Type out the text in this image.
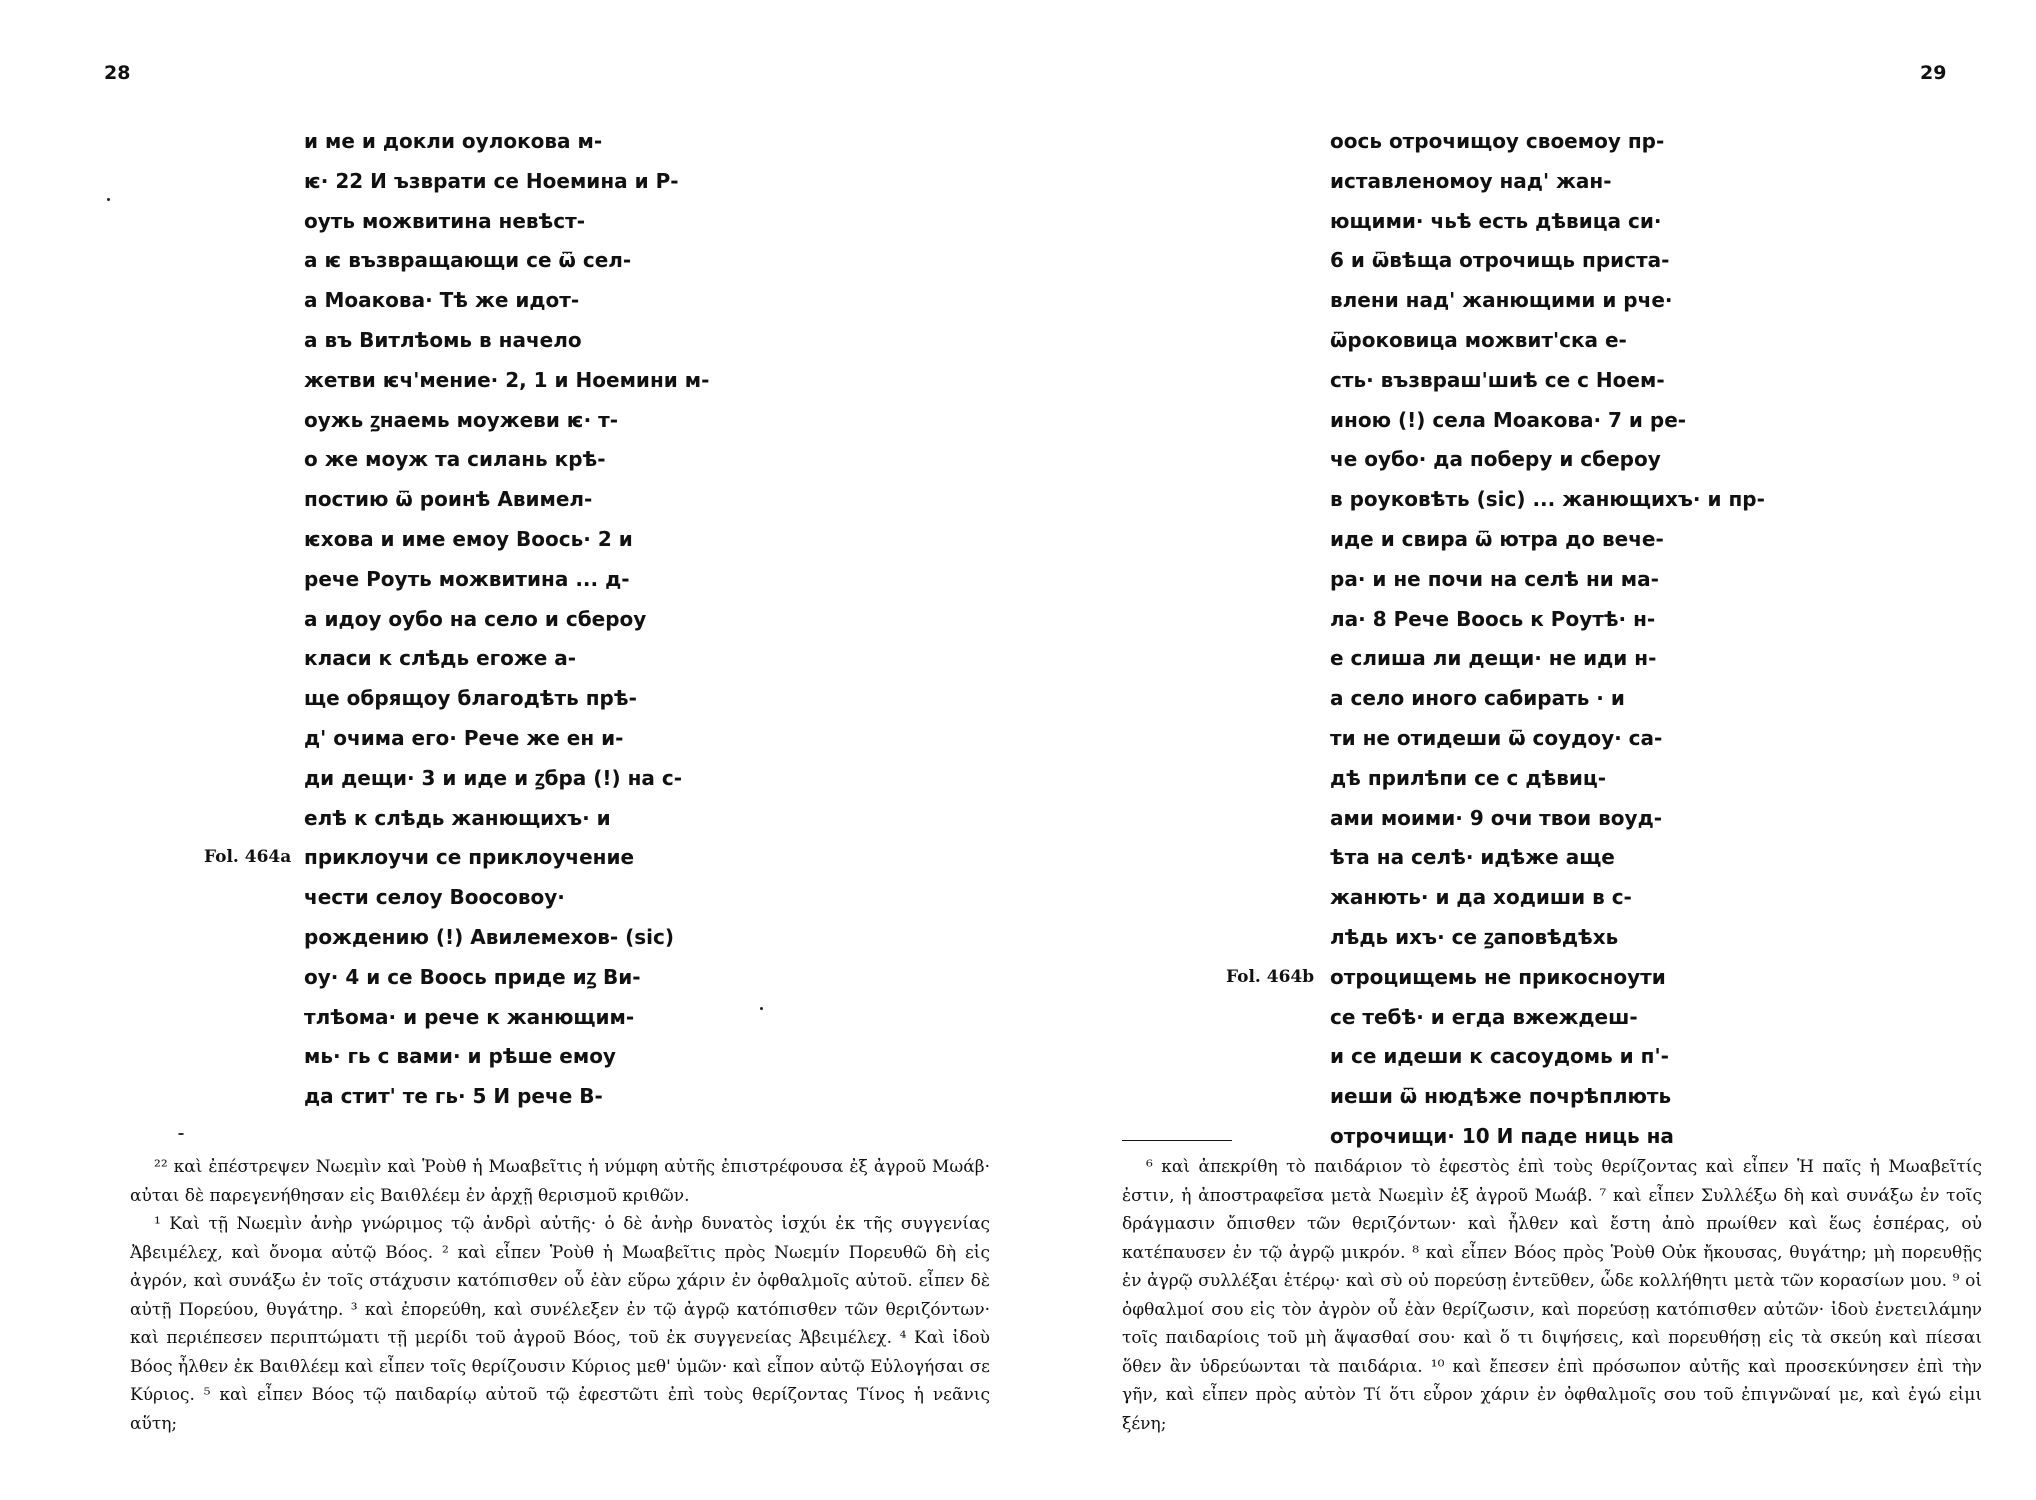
28
и ме и докли оулокова м-
ѥ· 22 И ъзврати се Ноемина и Р-
оуть можвитина невѣст-
а ѥ възвращающи се ѿ сел-
а Моакова· Тѣ же идот-
а въ Витлѣомь в начело
жетви ѥч'мение· 2, 1 и Ноемини м-
оужь ꙁнаемь моужеви ѥ· т-
о же моуж та силань крѣ-
постию ѿ роинѣ Авимел-
ѥхова и име емоу Воось· 2 и
рече Роуть можвитина ... д-
а идоу оубо на село и сбероу
класи к слѣдь егоже а-
ще обрящоу благодѣть прѣ-
д' очима его· Рече же ен и-
ди дещи· 3 и иде и ꙁбра (!) на с-
елѣ к слѣдь жанющихъ· и
Fol. 464a приклоучи се приклоучение
чести селоу Воосовоу·
рождению (!) Авилемехов- (sic)
оу· 4 и се Воось приде иꙁ Ви-
тлѣома· и рече к жанющим-
мь· гь с вами· и рѣше емоу
да стит' те гь· 5 И рече В-

²² καὶ ἐπέστρεψεν Νωεμὶν καὶ Ῥοὺθ ἡ Μωαβεῖτις ἡ νύμφη αὐτῆς ἐπιστρέφουσα ἐξ ἀγροῦ Μωάβ· αὐται δὲ παρεγενήθησαν εἰς Βαιθλέεμ ἐν ἀρχῇ θερισμοῦ κριθῶν.

¹ Καὶ τῇ Νωεμὶν ἀνὴρ γνώριμος τῷ ἀνδρὶ αὐτῆς· ὁ δὲ ἀνὴρ δυνατὸς ἰσχύι ἐκ τῆς συγγενίας Ἀβειμέλεχ, καὶ ὄνομα αὐτῷ Βόος. ² καὶ εἶπεν Ῥοὺθ ἡ Μωαβεῖτις πρὸς Νωεμίν Πορευθῶ δὴ εἰς ἀγρόν, καὶ συνάξω ἐν τοῖς στάχυσιν κατόπισθεν οὗ ἐὰν εὕρω χάριν ἐν ὀφθαλμοῖς αὐτοῦ. εἶπεν δὲ αὐτῇ Πορεύου, θυγάτηρ. ³ καὶ ἐπορεύθη, καὶ συνέλεξεν ἐν τῷ ἀγρῷ κατόπισθεν τῶν θεριζόντων· καὶ περιέπεσεν περιπτώματι τῇ μερίδι τοῦ ἀγροῦ Βόος, τοῦ ἐκ συγγενείας Ἀβειμέλεχ. ⁴ Καὶ ἰδοὺ Βόος ἦλθεν ἐκ Βαιθλέεμ καὶ εἶπεν τοῖς θερίζουσιν Κύριος μεθ' ὑμῶν· καὶ εἶπον αὐτῷ Εὐλογήσαι σε Κύριος. ⁵ καὶ εἶπεν Βόος τῷ παιδαρίῳ αὐτοῦ τῷ ἐφεστῶτι ἐπὶ τοὺς θερίζοντας Τίνος ἡ νεᾶνις αὕτη;

29
оось отрочищоу своемоу пр-
иставленомоу над' жан-
ющими· чьѣ есть дѣвица си·
6 и ѿвѣща отрочищь приста-
влени над' жанющими и рче·
ѿроковица можвит'ска е-
сть· възвраш'шиѣ се с Ноем-
иною (!) села Моакова· 7 и ре-
че оубо· да поберу и сбероу
в роуковѣть (sic) ... жанющихъ· и пр-
иде и свира ѿ ютра до вече-
ра· и не почи на селѣ ни ма-
ла· 8 Рече Воось к Роутѣ· н-
е слиша ли дещи· не иди н-
а село иного сабирать · и
ти не отидеши ѿ соудоу· са-
дѣ прилѣпи се с дѣвиц-
ами моими· 9 очи твои воуд-
ѣта на селѣ· идѣже аще
жанють· и да ходиши в с-
лѣдь ихъ· се ꙁаповѣдѣхь
Fol. 464b отроцищемь не прикосноути
се тебѣ· и егда вжеждеш-
и се идеши к сасоудомь и п'-
иеши ѿ нюдѣже почрѣплють
отрочищи· 10 И паде ниць на

⁶ καὶ ἀπεκρίθη τὸ παιδάριον τὸ ἐφεστὸς ἐπὶ τοὺς θερίζοντας καὶ εἶπεν Ἡ παῖς ἡ Μωαβεῖτίς ἐστιν, ἡ ἀποστραφεῖσα μετὰ Νωεμὶν ἐξ ἀγροῦ Μωάβ. ⁷ καὶ εἶπεν Συλλέξω δὴ καὶ συνάξω ἐν τοῖς δράγμασιν ὄπισθεν τῶν θεριζόντων· καὶ ἦλθεν καὶ ἔστη ἀπὸ πρωίθεν καὶ ἕως ἑσπέρας, οὐ κατέπαυσεν ἐν τῷ ἀγρῷ μικρόν. ⁸ καὶ εἶπεν Βόος πρὸς Ῥοὺθ Οὐκ ἤκουσας, θυγάτηρ; μὴ πορευθῇς ἐν ἀγρῷ συλλέξαι ἑτέρῳ· καὶ σὺ οὐ πορεύσῃ ἐντεῦθεν, ὧδε κολλήθητι μετὰ τῶν κορασίων μου. ⁹ οἱ ὀφθαλμοί σου εἰς τὸν ἀγρὸν οὗ ἐὰν θερίζωσιν, καὶ πορεύσῃ κατόπισθεν αὐτῶν· ἰδοὺ ἐνετειλάμην τοῖς παιδαρίοις τοῦ μὴ ἅψασθαί σου· καὶ ὅ τι διψήσεις, καὶ πορευθήσῃ εἰς τὰ σκεύη καὶ πίεσαι ὅθεν ἂν ὑδρεύωνται τὰ παιδάρια. ¹⁰ καὶ ἔπεσεν ἐπὶ πρόσωπον αὐτῆς καὶ προσεκύνησεν ἐπὶ τὴν γῆν, καὶ εἶπεν πρὸς αὐτὸν Τί ὅτι εὗρον χάριν ἐν ὀφθαλμοῖς σου τοῦ ἐπιγνῶναί με, καὶ ἐγώ εἰμι ξένη;
